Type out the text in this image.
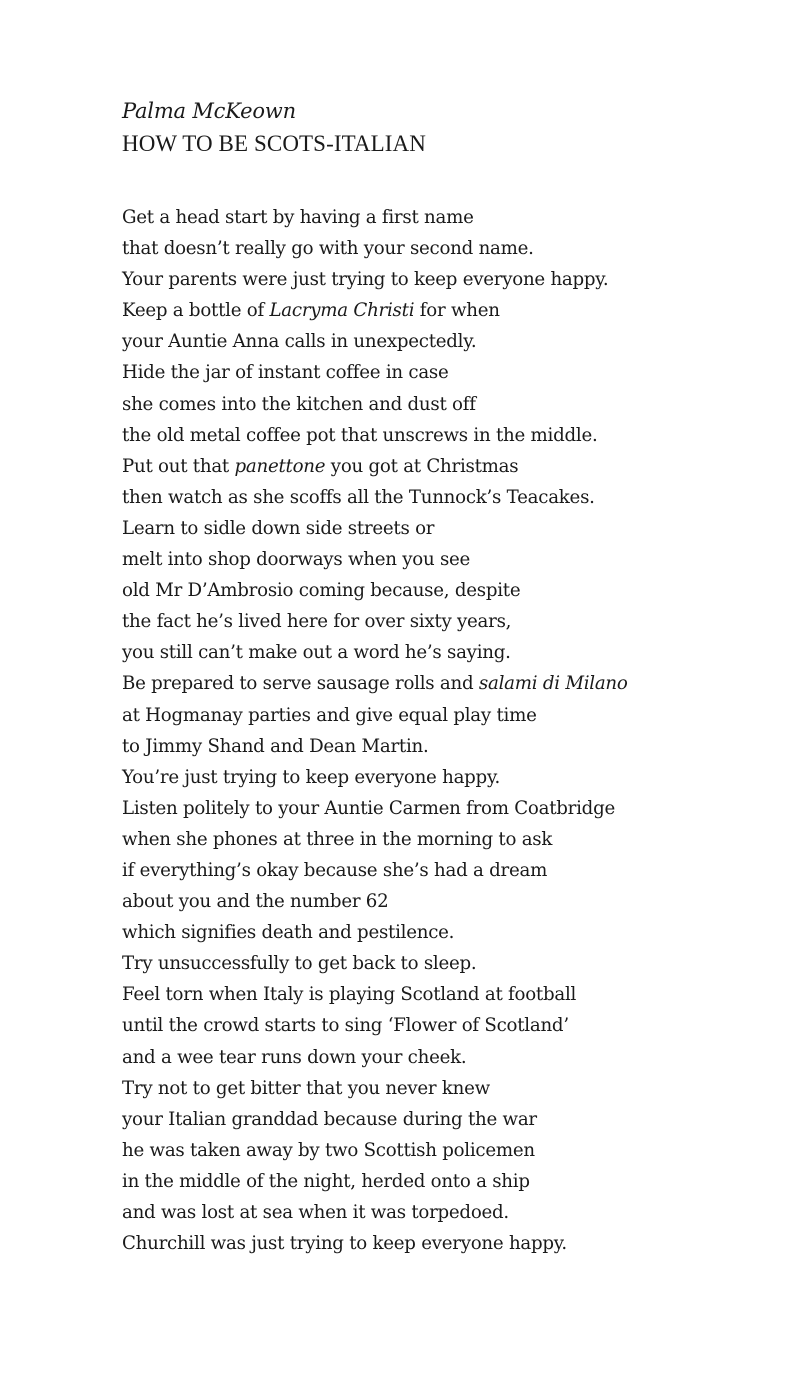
Palma McKeown
HOW TO BE SCOTS-ITALIAN
Get a head start by having a first name
that doesn’t really go with your second name.
Your parents were just trying to keep everyone happy.
Keep a bottle of Lacryma Christi for when
your Auntie Anna calls in unexpectedly.
Hide the jar of instant coffee in case
she comes into the kitchen and dust off
the old metal coffee pot that unscrews in the middle.
Put out that panettone you got at Christmas
then watch as she scoffs all the Tunnock’s Teacakes.
Learn to sidle down side streets or
melt into shop doorways when you see
old Mr D’Ambrosio coming because, despite
the fact he’s lived here for over sixty years,
you still can’t make out a word he’s saying.
Be prepared to serve sausage rolls and salami di Milano
at Hogmanay parties and give equal play time
to Jimmy Shand and Dean Martin.
You’re just trying to keep everyone happy.
Listen politely to your Auntie Carmen from Coatbridge
when she phones at three in the morning to ask
if everything’s okay because she’s had a dream
about you and the number 62
which signifies death and pestilence.
Try unsuccessfully to get back to sleep.
Feel torn when Italy is playing Scotland at football
until the crowd starts to sing ‘Flower of Scotland’
and a wee tear runs down your cheek.
Try not to get bitter that you never knew
your Italian granddad because during the war
he was taken away by two Scottish policemen
in the middle of the night, herded onto a ship
and was lost at sea when it was torpedoed.
Churchill was just trying to keep everyone happy.
